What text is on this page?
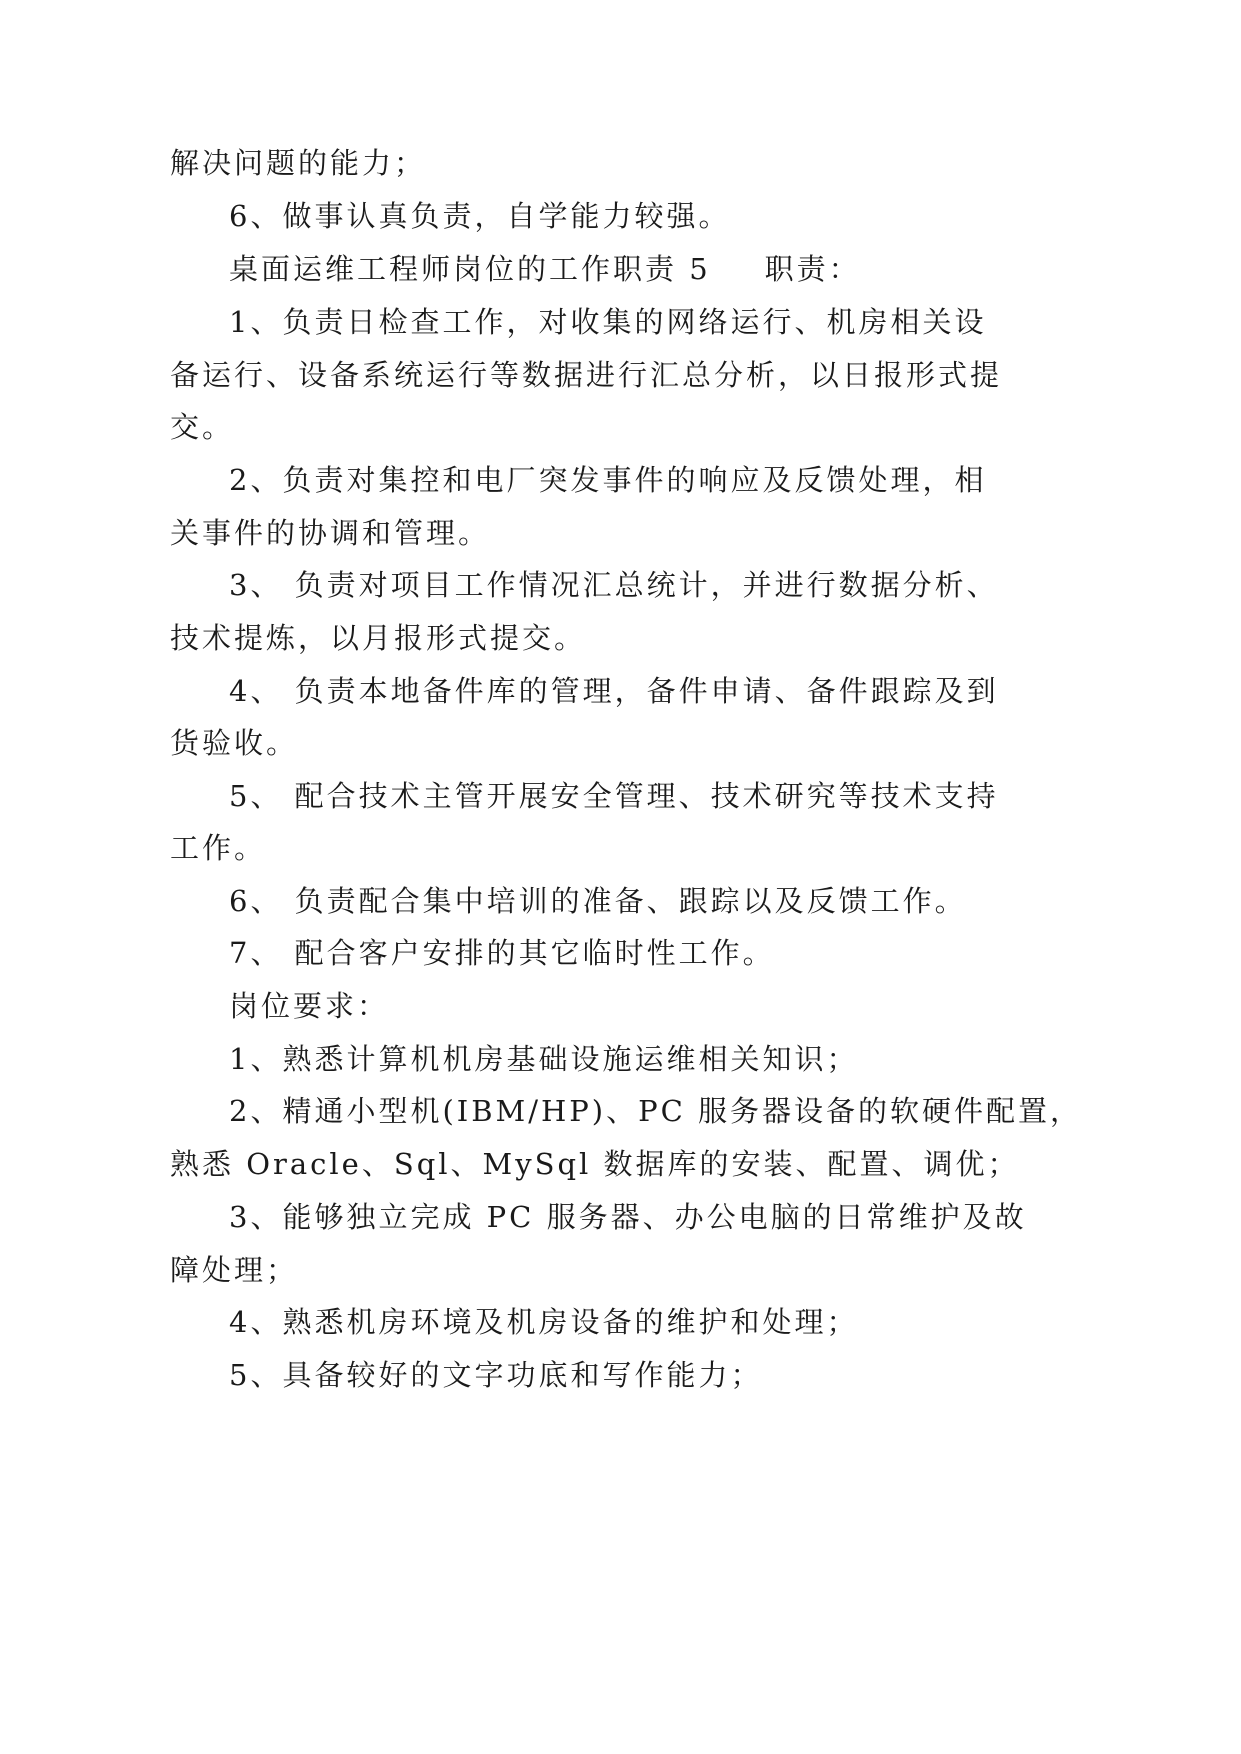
解决问题的能力；

6、做事认真负责，自学能力较强。

桌面运维工程师岗位的工作职责 5 职责：

1、负责日检查工作，对收集的网络运行、机房相关设

备运行、设备系统运行等数据进行汇总分析，以日报形式提

交。

2、负责对集控和电厂突发事件的响应及反馈处理，相

关事件的协调和管理。

3、 负责对项目工作情况汇总统计，并进行数据分析、

技术提炼，以月报形式提交。

4、 负责本地备件库的管理，备件申请、备件跟踪及到

货验收。

5、 配合技术主管开展安全管理、技术研究等技术支持

工作。

6、 负责配合集中培训的准备、跟踪以及反馈工作。

7、 配合客户安排的其它临时性工作。

岗位要求：

1、熟悉计算机机房基础设施运维相关知识；

2、精通小型机(IBM/HP)、PC 服务器设备的软硬件配置，

熟悉 Oracle、Sql、MySql 数据库的安装、配置、调优；

3、能够独立完成 PC 服务器、办公电脑的日常维护及故

障处理；

4、熟悉机房环境及机房设备的维护和处理；

5、具备较好的文字功底和写作能力；
